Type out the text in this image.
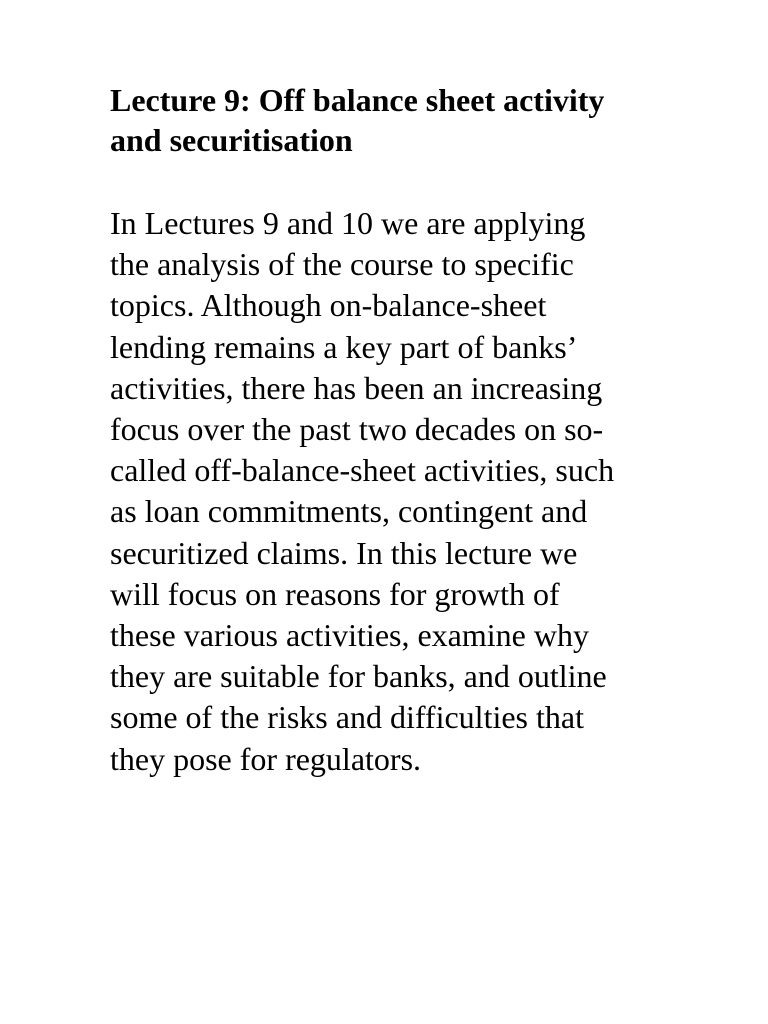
Lecture 9: Off balance sheet activity
and securitisation

In Lectures 9 and 10 we are applying
the analysis of the course to specific
topics. Although on-balance-sheet
lending remains a key part of banks’
activities, there has been an increasing
focus over the past two decades on so-
called off-balance-sheet activities, such
as loan commitments, contingent and
securitized claims. In this lecture we
will focus on reasons for growth of
these various activities, examine why
they are suitable for banks, and outline
some of the risks and difficulties that
they pose for regulators.
